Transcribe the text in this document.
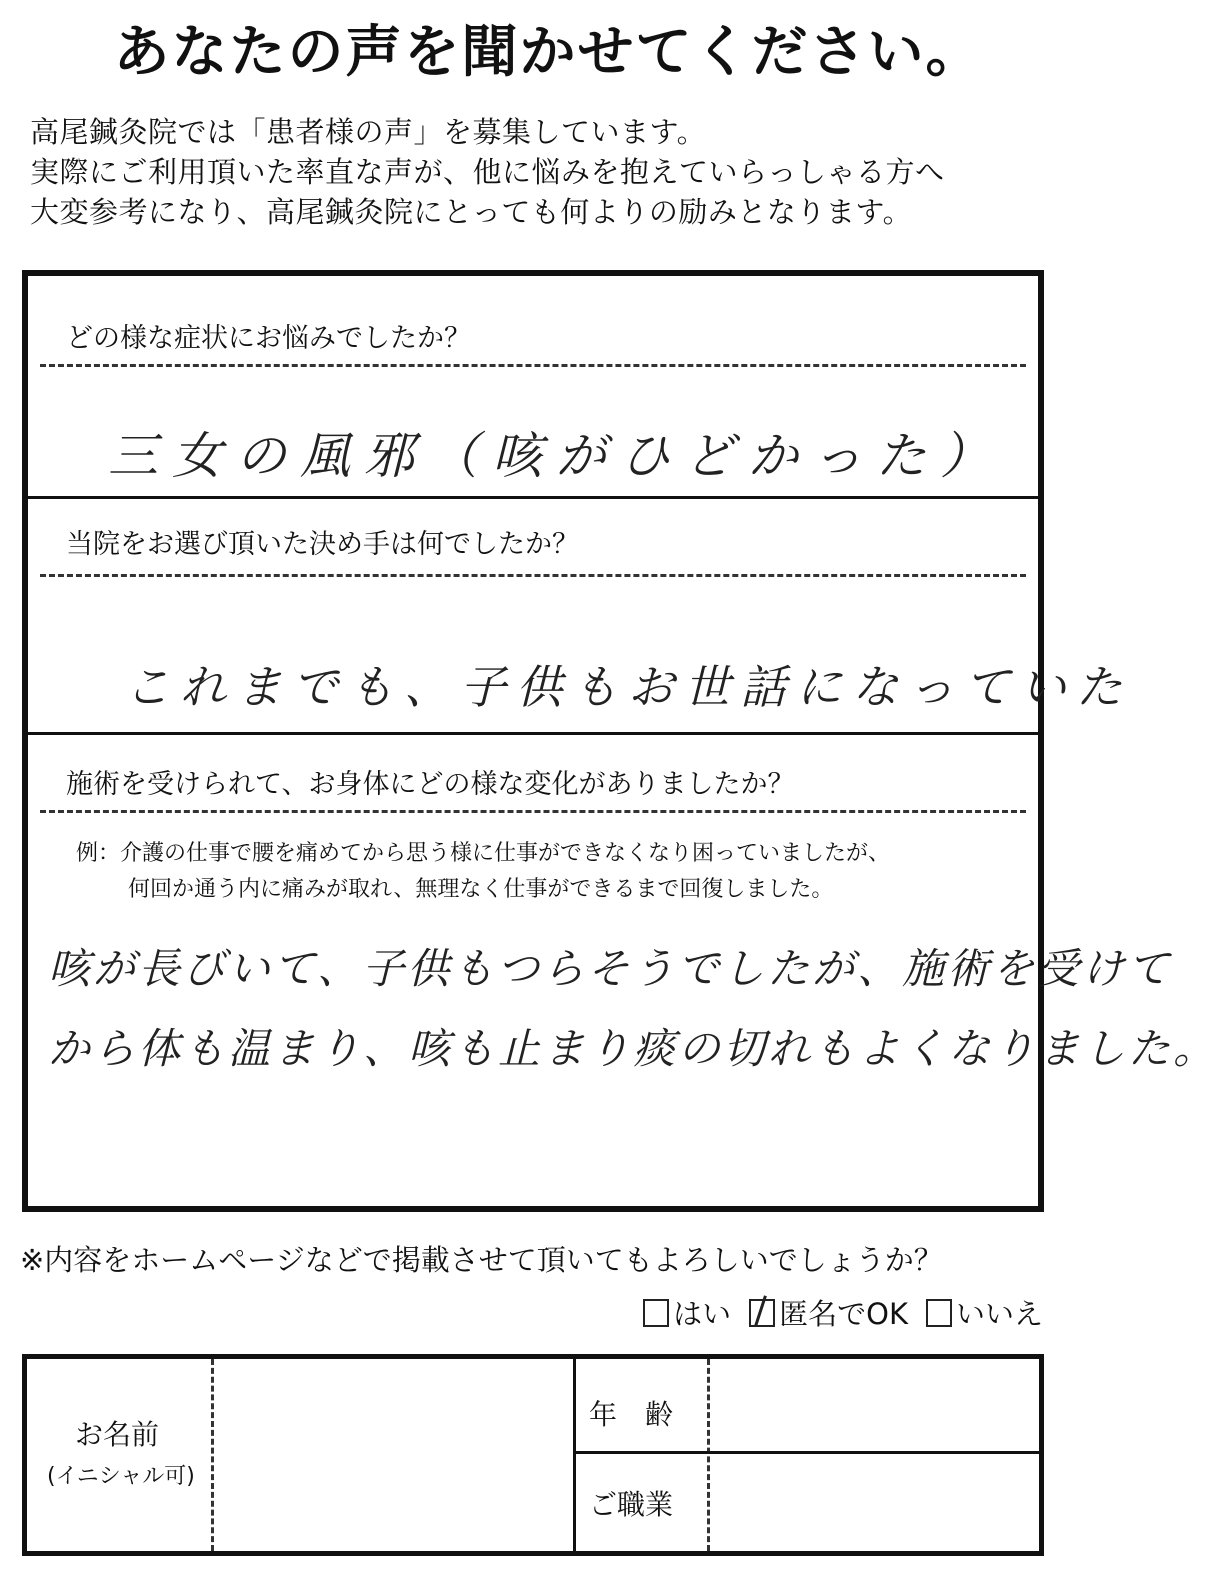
あなたの声を聞かせてください。
高尾鍼灸院では「患者様の声」を募集しています。
実際にご利用頂いた率直な声が、他に悩みを抱えていらっしゃる方へ
大変参考になり、高尾鍼灸院にとっても何よりの励みとなります。
どの様な症状にお悩みでしたか？
三女の風邪（咳がひどかった）
当院をお選び頂いた決め手は何でしたか？
これまでも、子供もお世話になっていた
施術を受けられて、お身体にどの様な変化がありましたか？
例：介護の仕事で腰を痛めてから思う様に仕事ができなくなり困っていましたが、
何回か通う内に痛みが取れ、無理なく仕事ができるまで回復しました。
咳が長びいて、子供もつらそうでしたが、施術を受けて
から体も温まり、咳も止まり痰の切れもよくなりました。
※内容をホームページなどで掲載させて頂いてもよろしいでしょうか？
はい 匿名でOK いいえ
お名前
(イニシャル可)
年　齢
ご職業
